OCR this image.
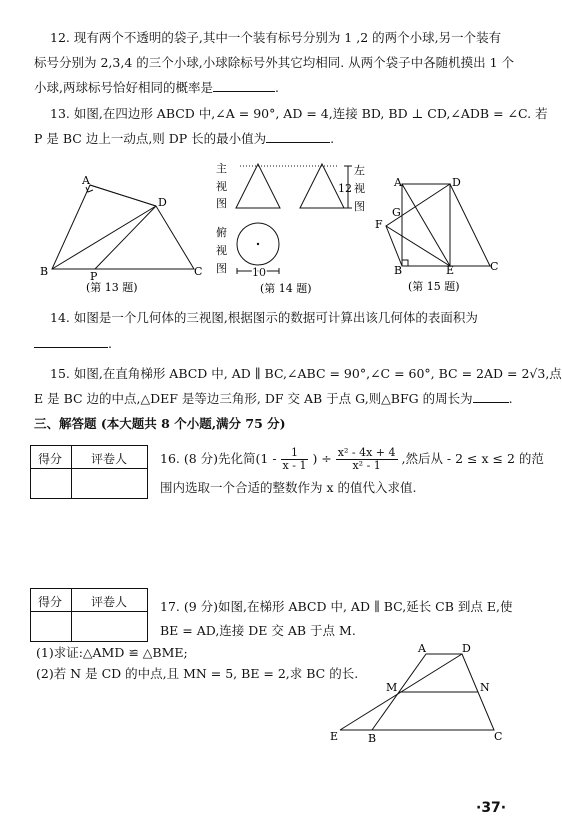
12. 现有两个不透明的袋子,其中一个装有标号分别为 1 ,2 的两个小球,另一个装有
标号分别为 2,3,4 的三个小球,小球除标号外其它均相同. 从两个袋子中各随机摸出 1 个
小球,两球标号恰好相同的概率是	.
13. 如图,在四边形 ABCD 中,∠A = 90°, AD = 4,连接 BD, BD ⊥ CD,∠ADB = ∠C. 若
P 是 BC 边上一动点,则 DP 长的最小值为	.
A
D
B	P	C
(第 13 题)
主
视
图
左
视
图
俯
视
图
12
10
(第 14 题)
A	D
G
F
B	E	C
(第 15 题)
14. 如图是一个几何体的三视图,根据图示的数据可计算出该几何体的表面积为
.
15. 如图,在直角梯形 ABCD 中, AD ∥ BC,∠ABC = 90°,∠C = 60°, BC = 2AD = 2√3,点
E 是 BC 边的中点,△DEF 是等边三角形, DF 交 AB 于点 G,则△BFG 的周长为	.
三、解答题 (本大题共 8 个小题,满分 75 分)
得分 评卷人	16. (8 分)先化简($1 - \frac{1}{x - 1}$ ) ÷ $\frac{\text{x² - 4x + 4}}{\text{x² - 1}}$ ,然后从 - 2 ≤ x ≤ 2 的范
围内选取一个合适的整数作为 x 的值代入求值.
得分 评卷人	17. (9 分)如图,在梯形 ABCD 中, AD ∥ BC,延长 CB 到点 E,使
BE = AD,连接 DE 交 AB 于点 M.
(1)求证:△AMD ≌ △BME;
(2)若 N 是 CD 的中点,且 MN = 5, BE = 2,求 BC 的长.
A	D
M	N
E	B	C
·37·
